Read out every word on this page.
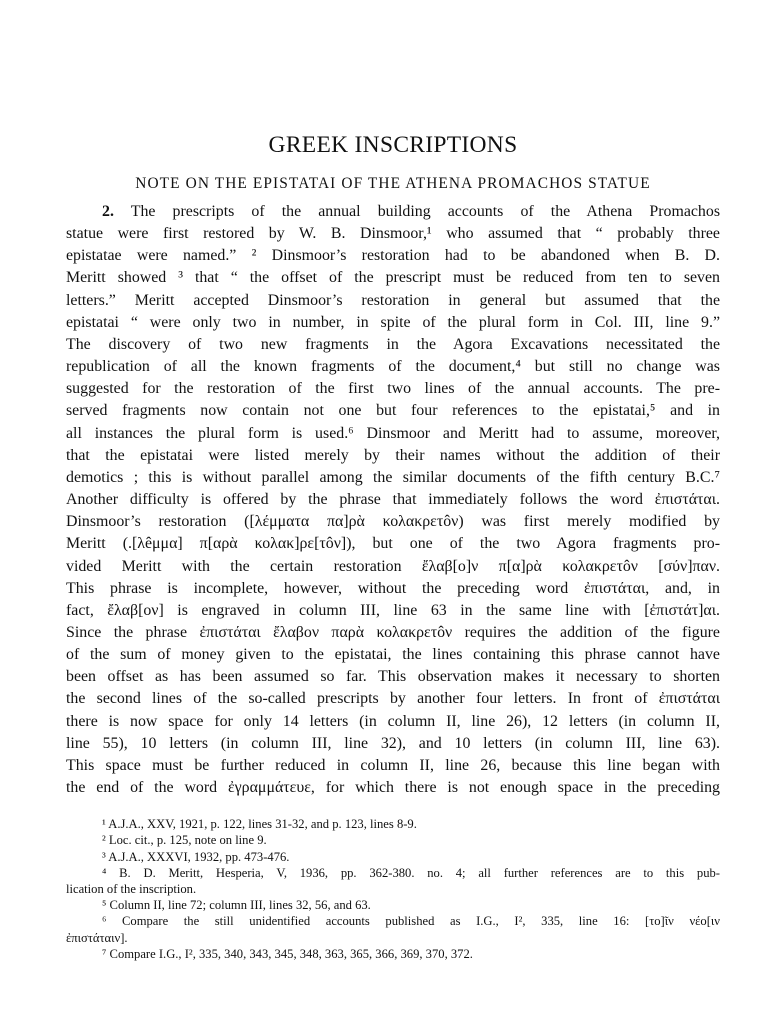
GREEK INSCRIPTIONS
NOTE ON THE EPISTATAI OF THE ATHENA PROMACHOS STATUE
2. The prescripts of the annual building accounts of the Athena Promachos
statue were first restored by W. B. Dinsmoor,¹ who assumed that “ probably three
epistatae were named.” ² Dinsmoor’s restoration had to be abandoned when B. D.
Meritt showed ³ that “ the offset of the prescript must be reduced from ten to seven
letters.” Meritt accepted Dinsmoor’s restoration in general but assumed that the
epistatai “ were only two in number, in spite of the plural form in Col. III, line 9.”
The discovery of two new fragments in the Agora Excavations necessitated the
republication of all the known fragments of the document,⁴ but still no change was
suggested for the restoration of the first two lines of the annual accounts. The pre-
served fragments now contain not one but four references to the epistatai,⁵ and in
all instances the plural form is used.⁶ Dinsmoor and Meritt had to assume, moreover,
that the epistatai were listed merely by their names without the addition of their
demotics ; this is without parallel among the similar documents of the fifth century B.C.⁷
Another difficulty is offered by the phrase that immediately follows the word ἐπιστάται.
Dinsmoor’s restoration ([λέμματα πα]ρὰ κολακρετôν) was first merely modified by
Meritt (.[λêμμα] π[αρὰ κολακ]ρε[τôν]), but one of the two Agora fragments pro-
vided Meritt with the certain restoration ἔλαβ[ο]ν π[α]ρὰ κολακρετôν [σύν]παν.
This phrase is incomplete, however, without the preceding word ἐπιστάται, and, in
fact, ἔλαβ[ον] is engraved in column III, line 63 in the same line with [ἐπιστάτ]αι.
Since the phrase ἐπιστάται ἔλαβον παρὰ κολακρετôν requires the addition of the figure
of the sum of money given to the epistatai, the lines containing this phrase cannot have
been offset as has been assumed so far. This observation makes it necessary to shorten
the second lines of the so-called prescripts by another four letters. In front of ἐπιστάται
there is now space for only 14 letters (in column II, line 26), 12 letters (in column II,
line 55), 10 letters (in column III, line 32), and 10 letters (in column III, line 63).
This space must be further reduced in column II, line 26, because this line began with
the end of the word ἐγραμμάτευε, for which there is not enough space in the preceding
¹ A.J.A., XXV, 1921, p. 122, lines 31-32, and p. 123, lines 8-9.
² Loc. cit., p. 125, note on line 9.
³ A.J.A., XXXVI, 1932, pp. 473-476.
⁴ B. D. Meritt, Hesperia, V, 1936, pp. 362-380. no. 4; all further references are to this pub-
lication of the inscription.
⁵ Column II, line 72; column III, lines 32, 56, and 63.
⁶ Compare the still unidentified accounts published as I.G., I², 335, line 16: [το]ῖν νέο[ιν
ἐπιστάταιν].
⁷ Compare I.G., I², 335, 340, 343, 345, 348, 363, 365, 366, 369, 370, 372.
